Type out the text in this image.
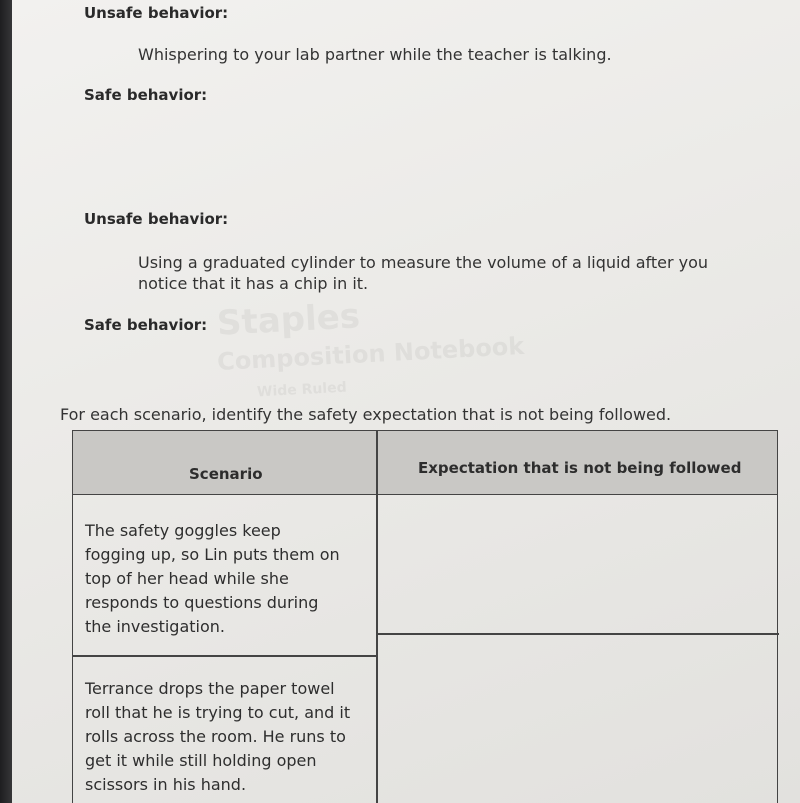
Staples
Composition Notebook
Wide Ruled
Unsafe behavior:
Whispering to your lab partner while the teacher is talking.
Safe behavior:
Unsafe behavior:
Using a graduated cylinder to measure the volume of a liquid after you
notice that it has a chip in it.
Safe behavior:
For each scenario, identify the safety expectation that is not being followed.
Scenario	Expectation that is not being followed
The safety goggles keep
fogging up, so Lin puts them on
top of her head while she
responds to questions during
the investigation.
Terrance drops the paper towel
roll that he is trying to cut, and it
rolls across the room. He runs to
get it while still holding open
scissors in his hand.
